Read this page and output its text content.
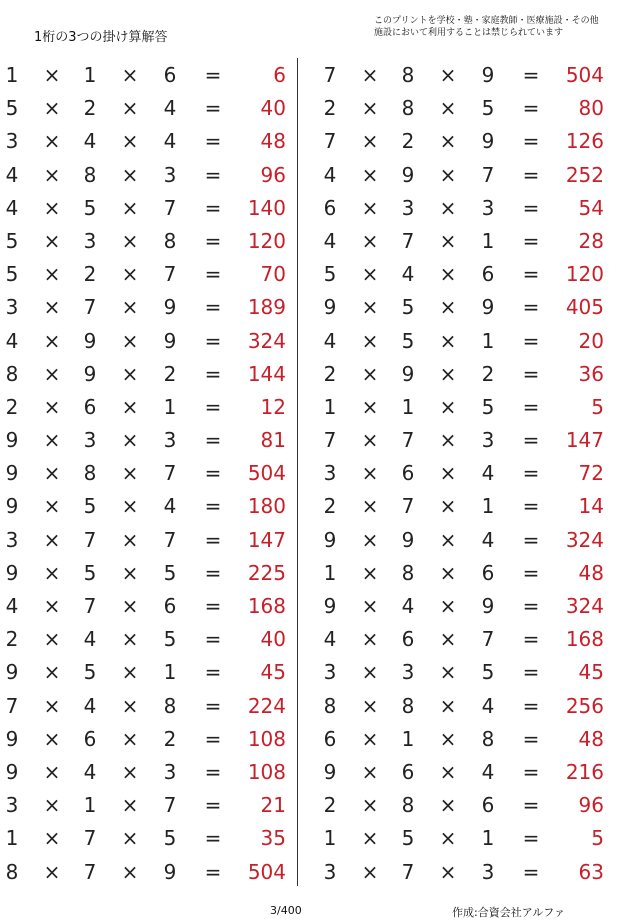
1桁の3つの掛け算解答
このプリントを学校・塾・家庭教師・医療施設・その他
施設において利用することは禁じられています
1 × 1 × 6 =	6
5 × 2 × 4 =	40
3 × 4 × 4 =	48
4 × 8 × 3 =	96
4 × 5 × 7 =	140
5 × 3 × 8 =	120
5 × 2 × 7 =	70
3 × 7 × 9 =	189
4 × 9 × 9 =	324
8 × 9 × 2 =	144
2 × 6 × 1 =	12
9 × 3 × 3 =	81
9 × 8 × 7 =	504
9 × 5 × 4 =	180
3 × 7 × 7 =	147
9 × 5 × 5 =	225
4 × 7 × 6 =	168
2 × 4 × 5 =	40
9 × 5 × 1 =	45
7 × 4 × 8 =	224
9 × 6 × 2 =	108
9 × 4 × 3 =	108
3 × 1 × 7 =	21
1 × 7 × 5 =	35
8 × 7 × 9 =	504
7 × 8 × 9 =	504
2 × 8 × 5 =	80
7 × 2 × 9 =	126
4 × 9 × 7 =	252
6 × 3 × 3 =	54
4 × 7 × 1 =	28
5 × 4 × 6 =	120
9 × 5 × 9 =	405
4 × 5 × 1 =	20
2 × 9 × 2 =	36
1 × 1 × 5 =	5
7 × 7 × 3 =	147
3 × 6 × 4 =	72
2 × 7 × 1 =	14
9 × 9 × 4 =	324
1 × 8 × 6 =	48
9 × 4 × 9 =	324
4 × 6 × 7 =	168
3 × 3 × 5 =	45
8 × 8 × 4 =	256
6 × 1 × 8 =	48
9 × 6 × 4 =	216
2 × 8 × 6 =	96
1 × 5 × 1 =	5
3 × 7 × 3 =	63
3/400	作成:合資会社アルファ
